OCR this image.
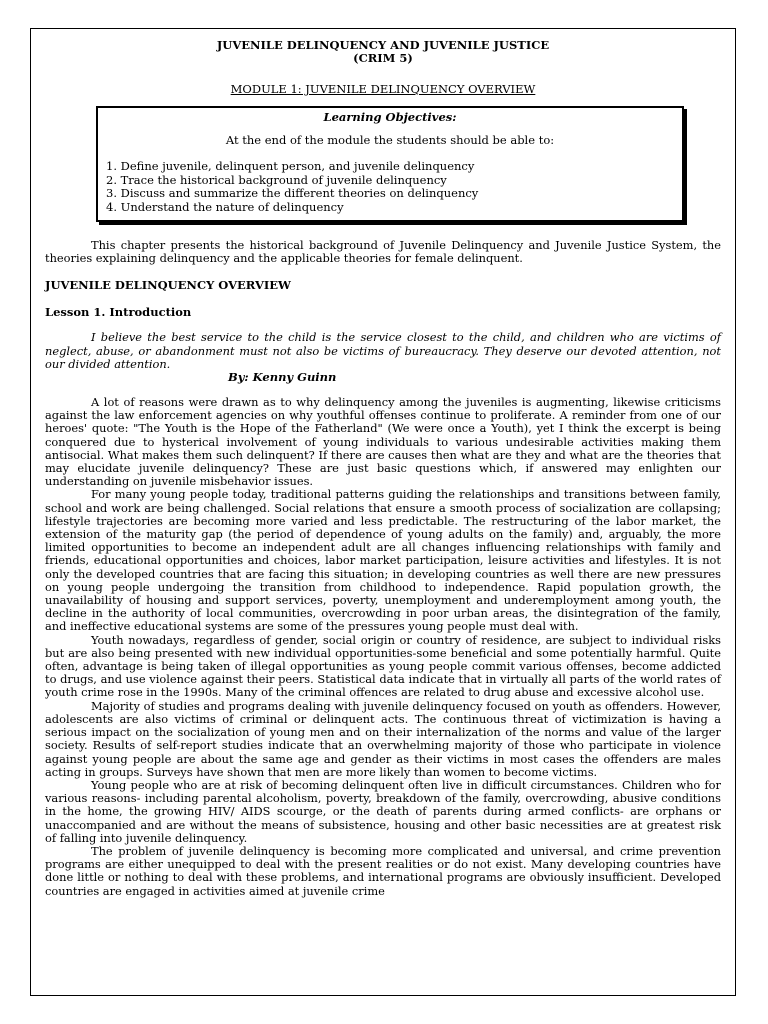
JUVENILE DELINQUENCY AND JUVENILE JUSTICE

(CRIM 5)

MODULE 1: JUVENILE DELINQUENCY OVERVIEW

Learning Objectives:

At the end of the module the students should be able to:

1. Define juvenile, delinquent person, and juvenile delinquency
2. Trace the historical background of juvenile delinquency
3. Discuss and summarize the different theories on delinquency
4. Understand the nature of delinquency

This chapter presents the historical background of Juvenile Delinquency and Juvenile Justice System, the theories explaining delinquency and the applicable theories for female delinquent.

JUVENILE DELINQUENCY OVERVIEW

Lesson 1. Introduction

I believe the best service to the child is the service closest to the child, and children who are victims of neglect, abuse, or abandonment must not also be victims of bureaucracy. They deserve our devoted attention, not our divided attention.

By: Kenny Guinn

A lot of reasons were drawn as to why delinquency among the juveniles is augmenting, likewise criticisms against the law enforcement agencies on why youthful offenses continue to proliferate. A reminder from one of our heroes' quote: "The Youth is the Hope of the Fatherland" (We were once a Youth), yet I think the excerpt is being conquered due to hysterical involvement of young individuals to various undesirable activities making them antisocial. What makes them such delinquent? If there are causes then what are they and what are the theories that may elucidate juvenile delinquency? These are just basic questions which, if answered may enlighten our understanding on juvenile misbehavior issues.

For many young people today, traditional patterns guiding the relationships and transitions between family, school and work are being challenged. Social relations that ensure a smooth process of socialization are collapsing; lifestyle trajectories are becoming more varied and less predictable. The restructuring of the labor market, the extension of the maturity gap (the period of dependence of young adults on the family) and, arguably, the more limited opportunities to become an independent adult are all changes influencing relationships with family and friends, educational opportunities and choices, labor market participation, leisure activities and lifestyles. It is not only the developed countries that are facing this situation; in developing countries as well there are new pressures on young people undergoing the transition from childhood to independence. Rapid population growth, the unavailability of housing and support services, poverty, unemployment and underemployment among youth, the decline in the authority of local communities, overcrowding in poor urban areas, the disintegration of the family, and ineffective educational systems are some of the pressures young people must deal with.

Youth nowadays, regardless of gender, social origin or country of residence, are subject to individual risks but are also being presented with new individual opportunities-some beneficial and some potentially harmful. Quite often, advantage is being taken of illegal opportunities as young people commit various offenses, become addicted to drugs, and use violence against their peers. Statistical data indicate that in virtually all parts of the world rates of youth crime rose in the 1990s. Many of the criminal offences are related to drug abuse and excessive alcohol use.

Majority of studies and programs dealing with juvenile delinquency focused on youth as offenders. However, adolescents are also victims of criminal or delinquent acts. The continuous threat of victimization is having a serious impact on the socialization of young men and on their internalization of the norms and value of the larger society. Results of self-report studies indicate that an overwhelming majority of those who participate in violence against young people are about the same age and gender as their victims in most cases the offenders are males acting in groups. Surveys have shown that men are more likely than women to become victims.

Young people who are at risk of becoming delinquent often live in difficult circumstances. Children who for various reasons- including parental alcoholism, poverty, breakdown of the family, overcrowding, abusive conditions in the home, the growing HIV/ AIDS scourge, or the death of parents during armed conflicts- are orphans or unaccompanied and are without the means of subsistence, housing and other basic necessities are at greatest risk of falling into juvenile delinquency.

The problem of juvenile delinquency is becoming more complicated and universal, and crime prevention programs are either unequipped to deal with the present realities or do not exist. Many developing countries have done little or nothing to deal with these problems, and international programs are obviously insufficient. Developed countries are engaged in activities aimed at juvenile crime
